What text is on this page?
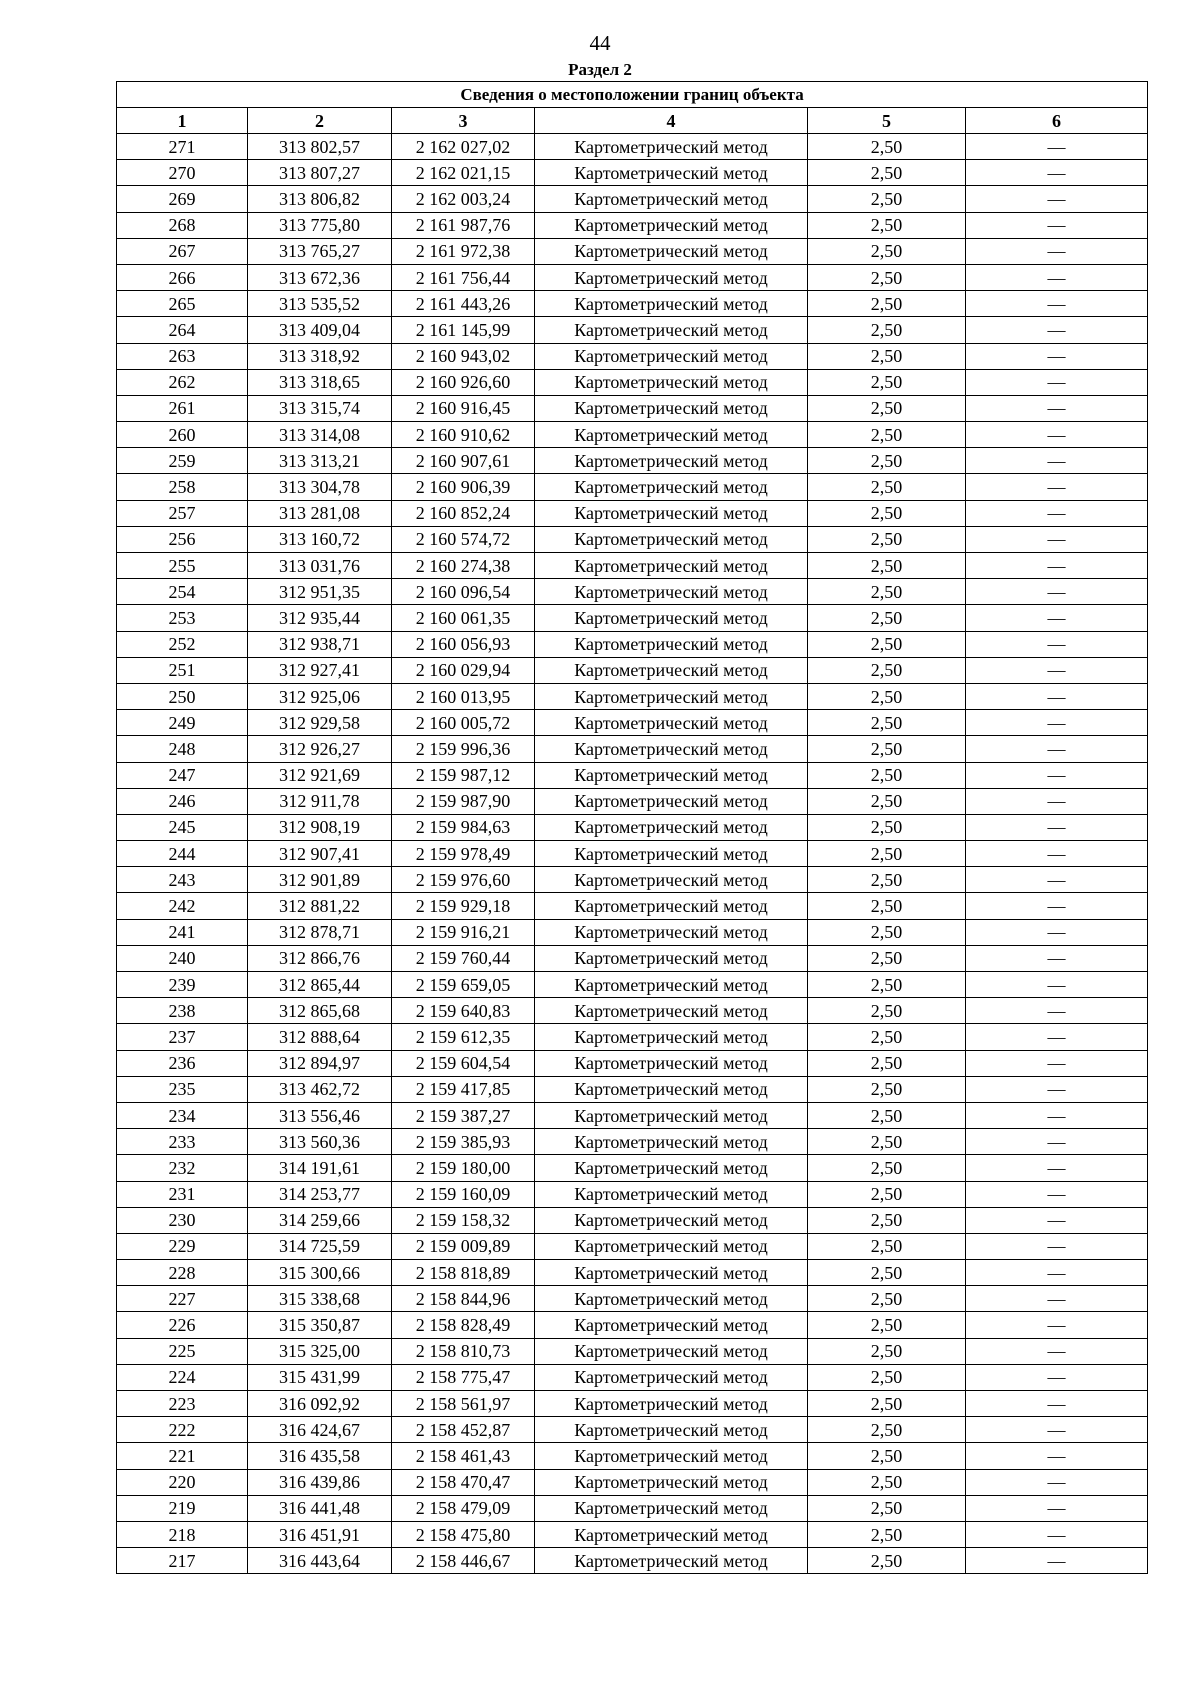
44
Раздел 2
Сведения о местоположении границ объекта					
1	2	3	4	5	6
271	313 802,57	2 162 027,02	Картометрический метод	2,50	—
270	313 807,27	2 162 021,15	Картометрический метод	2,50	—
269	313 806,82	2 162 003,24	Картометрический метод	2,50	—
268	313 775,80	2 161 987,76	Картометрический метод	2,50	—
267	313 765,27	2 161 972,38	Картометрический метод	2,50	—
266	313 672,36	2 161 756,44	Картометрический метод	2,50	—
265	313 535,52	2 161 443,26	Картометрический метод	2,50	—
264	313 409,04	2 161 145,99	Картометрический метод	2,50	—
263	313 318,92	2 160 943,02	Картометрический метод	2,50	—
262	313 318,65	2 160 926,60	Картометрический метод	2,50	—
261	313 315,74	2 160 916,45	Картометрический метод	2,50	—
260	313 314,08	2 160 910,62	Картометрический метод	2,50	—
259	313 313,21	2 160 907,61	Картометрический метод	2,50	—
258	313 304,78	2 160 906,39	Картометрический метод	2,50	—
257	313 281,08	2 160 852,24	Картометрический метод	2,50	—
256	313 160,72	2 160 574,72	Картометрический метод	2,50	—
255	313 031,76	2 160 274,38	Картометрический метод	2,50	—
254	312 951,35	2 160 096,54	Картометрический метод	2,50	—
253	312 935,44	2 160 061,35	Картометрический метод	2,50	—
252	312 938,71	2 160 056,93	Картометрический метод	2,50	—
251	312 927,41	2 160 029,94	Картометрический метод	2,50	—
250	312 925,06	2 160 013,95	Картометрический метод	2,50	—
249	312 929,58	2 160 005,72	Картометрический метод	2,50	—
248	312 926,27	2 159 996,36	Картометрический метод	2,50	—
247	312 921,69	2 159 987,12	Картометрический метод	2,50	—
246	312 911,78	2 159 987,90	Картометрический метод	2,50	—
245	312 908,19	2 159 984,63	Картометрический метод	2,50	—
244	312 907,41	2 159 978,49	Картометрический метод	2,50	—
243	312 901,89	2 159 976,60	Картометрический метод	2,50	—
242	312 881,22	2 159 929,18	Картометрический метод	2,50	—
241	312 878,71	2 159 916,21	Картометрический метод	2,50	—
240	312 866,76	2 159 760,44	Картометрический метод	2,50	—
239	312 865,44	2 159 659,05	Картометрический метод	2,50	—
238	312 865,68	2 159 640,83	Картометрический метод	2,50	—
237	312 888,64	2 159 612,35	Картометрический метод	2,50	—
236	312 894,97	2 159 604,54	Картометрический метод	2,50	—
235	313 462,72	2 159 417,85	Картометрический метод	2,50	—
234	313 556,46	2 159 387,27	Картометрический метод	2,50	—
233	313 560,36	2 159 385,93	Картометрический метод	2,50	—
232	314 191,61	2 159 180,00	Картометрический метод	2,50	—
231	314 253,77	2 159 160,09	Картометрический метод	2,50	—
230	314 259,66	2 159 158,32	Картометрический метод	2,50	—
229	314 725,59	2 159 009,89	Картометрический метод	2,50	—
228	315 300,66	2 158 818,89	Картометрический метод	2,50	—
227	315 338,68	2 158 844,96	Картометрический метод	2,50	—
226	315 350,87	2 158 828,49	Картометрический метод	2,50	—
225	315 325,00	2 158 810,73	Картометрический метод	2,50	—
224	315 431,99	2 158 775,47	Картометрический метод	2,50	—
223	316 092,92	2 158 561,97	Картометрический метод	2,50	—
222	316 424,67	2 158 452,87	Картометрический метод	2,50	—
221	316 435,58	2 158 461,43	Картометрический метод	2,50	—
220	316 439,86	2 158 470,47	Картометрический метод	2,50	—
219	316 441,48	2 158 479,09	Картометрический метод	2,50	—
218	316 451,91	2 158 475,80	Картометрический метод	2,50	—
217	316 443,64	2 158 446,67	Картометрический метод	2,50	—
